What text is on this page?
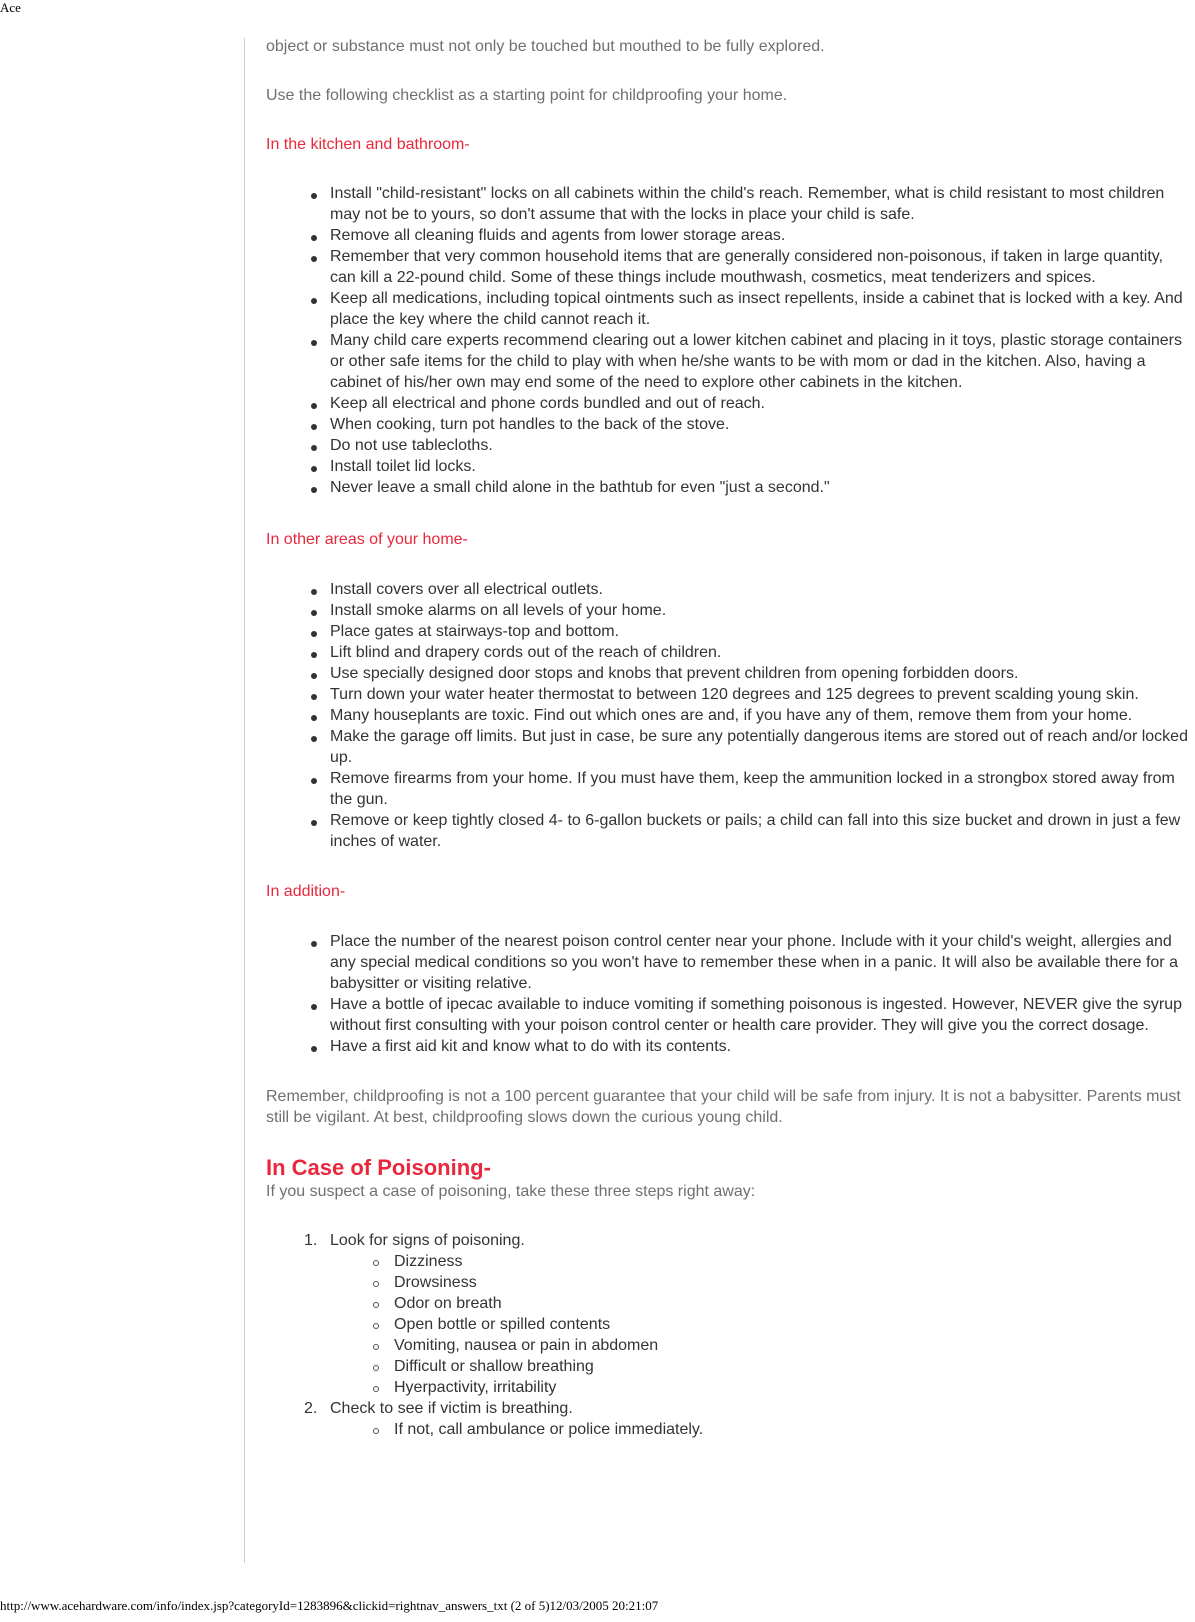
Ace

object or substance must not only be touched but mouthed to be fully explored.

Use the following checklist as a starting point for childproofing your home.

In the kitchen and bathroom-

Install "child-resistant" locks on all cabinets within the child's reach. Remember, what is child resistant to most children may not be to yours, so don't assume that with the locks in place your child is safe.
Remove all cleaning fluids and agents from lower storage areas.
Remember that very common household items that are generally considered non-poisonous, if taken in large quantity, can kill a 22-pound child. Some of these things include mouthwash, cosmetics, meat tenderizers and spices.
Keep all medications, including topical ointments such as insect repellents, inside a cabinet that is locked with a key. And place the key where the child cannot reach it.
Many child care experts recommend clearing out a lower kitchen cabinet and placing in it toys, plastic storage containers or other safe items for the child to play with when he/she wants to be with mom or dad in the kitchen. Also, having a cabinet of his/her own may end some of the need to explore other cabinets in the kitchen.
Keep all electrical and phone cords bundled and out of reach.
When cooking, turn pot handles to the back of the stove.
Do not use tablecloths.
Install toilet lid locks.
Never leave a small child alone in the bathtub for even "just a second."

In other areas of your home-

Install covers over all electrical outlets.
Install smoke alarms on all levels of your home.
Place gates at stairways-top and bottom.
Lift blind and drapery cords out of the reach of children.
Use specially designed door stops and knobs that prevent children from opening forbidden doors.
Turn down your water heater thermostat to between 120 degrees and 125 degrees to prevent scalding young skin.
Many houseplants are toxic. Find out which ones are and, if you have any of them, remove them from your home.
Make the garage off limits. But just in case, be sure any potentially dangerous items are stored out of reach and/or locked up.
Remove firearms from your home. If you must have them, keep the ammunition locked in a strongbox stored away from the gun.
Remove or keep tightly closed 4- to 6-gallon buckets or pails; a child can fall into this size bucket and drown in just a few inches of water.

In addition-

Place the number of the nearest poison control center near your phone. Include with it your child's weight, allergies and any special medical conditions so you won't have to remember these when in a panic. It will also be available there for a babysitter or visiting relative.
Have a bottle of ipecac available to induce vomiting if something poisonous is ingested. However, NEVER give the syrup without first consulting with your poison control center or health care provider. They will give you the correct dosage.
Have a first aid kit and know what to do with its contents.

Remember, childproofing is not a 100 percent guarantee that your child will be safe from injury. It is not a babysitter. Parents must still be vigilant. At best, childproofing slows down the curious young child.

In Case of Poisoning-

If you suspect a case of poisoning, take these three steps right away:

1. Look for signs of poisoning.
Dizziness
Drowsiness
Odor on breath
Open bottle or spilled contents
Vomiting, nausea or pain in abdomen
Difficult or shallow breathing
Hyerpactivity, irritability
2. Check to see if victim is breathing.
If not, call ambulance or police immediately.
http://www.acehardware.com/info/index.jsp?categoryId=1283896&clickid=rightnav_answers_txt (2 of 5)12/03/2005 20:21:07
